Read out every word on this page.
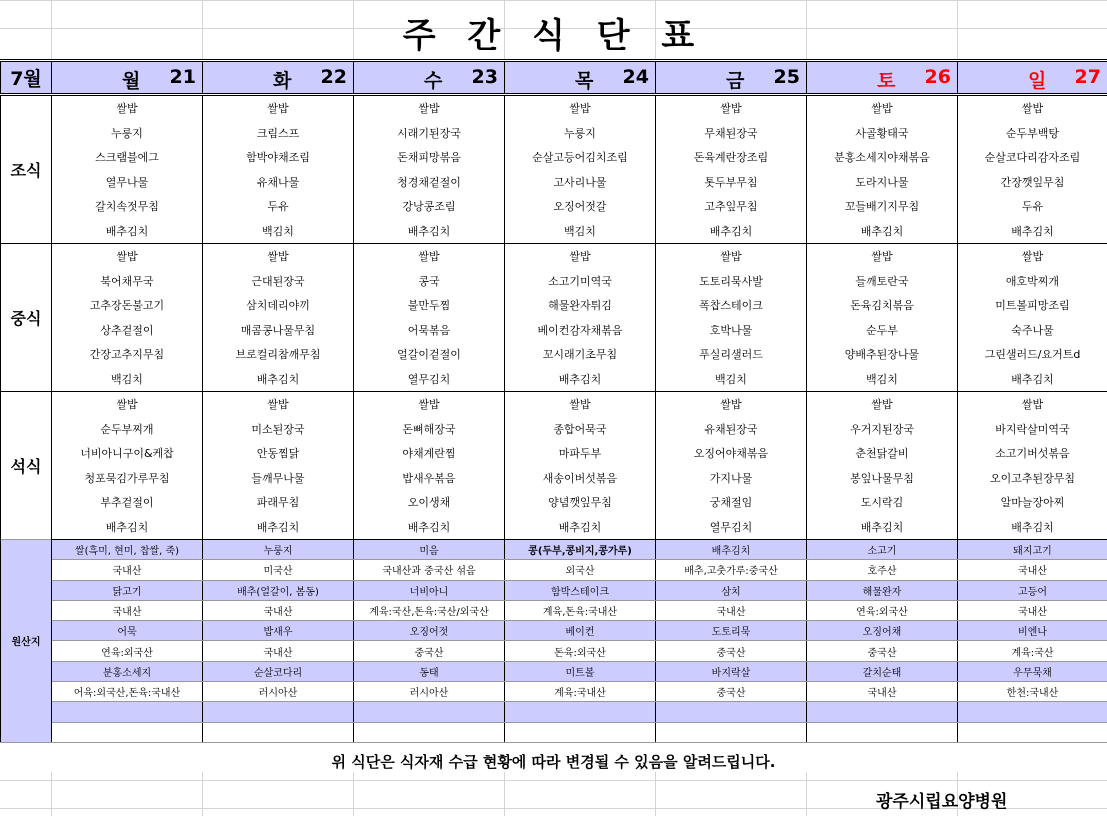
주 간 식 단 표
7월	월 21	화 22	수 23	목 24	금 25	토 26	일 27

조식	쌀밥	쌀밥	쌀밥	쌀밥	쌀밥	쌀밥	쌀밥
	누룽지	크림스프	시래기된장국	누룽지	무채된장국	사골황태국	순두부백탕
	스크램블에그	함박야채조림	돈채피망볶음	순살고등어김치조림	돈육계란장조림	분홍소세지야채볶음	순살코다리감자조림
	열무나물	유채나물	청경채겉절이	고사리나물	톳두부무침	도라지나물	간장깻잎무침
	갈치속젓무침	두유	강낭콩조림	오징어젓갈	고추잎무침	꼬들배기지무침	두유
	배추김치	백김치	배추김치	백김치	배추김치	배추김치	배추김치
중식	쌀밥	쌀밥	쌀밥	쌀밥	쌀밥	쌀밥	쌀밥
	북어채무국	근대된장국	콩국	소고기미역국	도토리묵사발	들깨토란국	애호박찌개
	고추장돈불고기	삼치데리야끼	불만두찜	해물완자튀김	폭찹스테이크	돈육김치볶음	미트볼피망조림
	상추겉절이	매콤콩나물무침	어묵볶음	베이컨감자채볶음	호박나물	순두부	숙주나물
	간장고추지무침	브로컬리참깨무침	얼갈이겉절이	꼬시래기초무침	푸실리샐러드	양배추된장나물	그린샐러드/요거트d
	백김치	배추김치	열무김치	배추김치	백김치	백김치	배추김치
석식	쌀밥	쌀밥	쌀밥	쌀밥	쌀밥	쌀밥	쌀밥
	순두부찌개	미소된장국	돈뼈해장국	종합어묵국	유채된장국	우거지된장국	바지락살미역국
	너비아니구이&케찹	안동찜닭	야채계란찜	마파두부	오징어야채볶음	춘천닭갈비	소고기버섯볶음
	청포묵김가루무침	들깨무나물	밥새우볶음	새송이버섯볶음	가지나물	봉잎나물무침	오이고추된장무침
	부추겉절이	파래무침	오이생채	양념깻잎무침	궁채절임	도시락김	알마늘장아찌
	배추김치	배추김치	배추김치	배추김치	열무김치	배추김치	배추김치
원산지	쌀(흑미, 현미, 찹쌀, 죽)	누룽지	미음	콩(두부,콩비지,콩가루)	배추김치	소고기	돼지고기
	국내산	미국산	국내산과 중국산 섞음	외국산	배추,고춧가루:중국산	호주산	국내산
	닭고기	배추(얼갈이, 봄동)	너비아니	함박스테이크	삼치	해물완자	고등어
	국내산	국내산	계육:국산,돈육:국산/외국산	계육,돈육:국내산	국내산	연육:외국산	국내산
	어묵	밥새우	오징어젓	베이컨	도토리묵	오징어채	비엔나
	연육:외국산	국내산	중국산	돈육:외국산	중국산	중국산	계육:국산
	분홍소세지	순살코다리	동태	미트볼	바지락살	갈치순태	우무묵채
	어육:외국산,돈육:국내산	러시아산	러시아산	계육:국내산	중국산	국내산	한천:국내산

위 식단은 식자재 수급 현황에 따라 변경될 수 있음을 알려드립니다.
광주시립요양병원
